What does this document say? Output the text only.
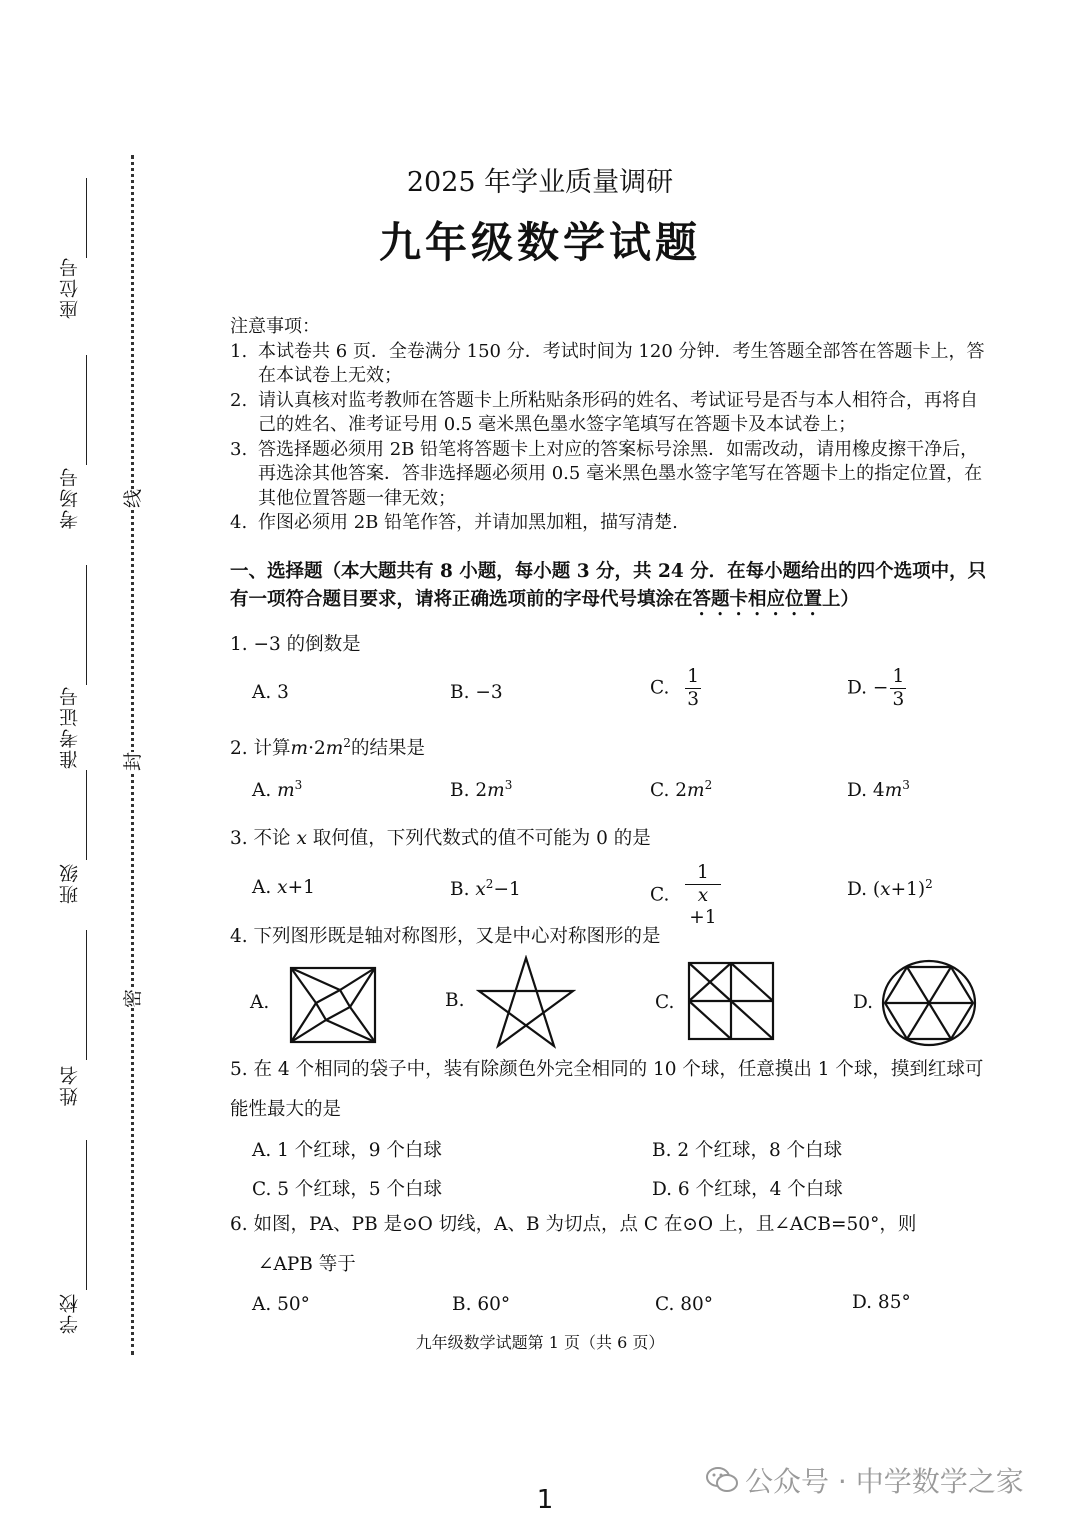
座位号
考场号
准考证号
班级
姓名
学校
线
封
密
2025 年学业质量调研
九年级数学试题
注意事项：
1. 本试卷共 6 页．全卷满分 150 分．考试时间为 120 分钟．考生答题全部答在答题卡上，答在本试卷上无效；
2. 请认真核对监考教师在答题卡上所粘贴条形码的姓名、考试证号是否与本人相符合，再将自己的姓名、准考证号用 0.5 毫米黑色墨水签字笔填写在答题卡及本试卷上；
3. 答选择题必须用 2B 铅笔将答题卡上对应的答案标号涂黑．如需改动，请用橡皮擦干净后，再选涂其他答案．答非选择题必须用 0.5 毫米黑色墨水签字笔写在答题卡上的指定位置，在其他位置答题一律无效；
4. 作图必须用 2B 铅笔作答，并请加黑加粗，描写清楚.
一、选择题（本大题共有 8 小题，每小题 3 分，共 24 分．在每小题给出的四个选项中，只有一项符合题目要求，请将正确选项前的字母代号填涂在答题卡相应位置上）
1. −3 的倒数是
A. 3	B. −3	C. $\frac{1}{3}$	D. − $\frac{1}{3}$
2. 计算$m\cdot 2m^2$的结果是
A. $m^3$	B. $2m^3$	C. $2m^2$	D. $4m^3$
3. 不论 x 取何值，下列代数式的值不可能为 0 的是
A. x+1	B. $x^2-1$	C. 1
x
+1	D. $(x+1)^2$
4. 下列图形既是轴对称图形，又是中心对称图形的是
A.	B.	C.	D.
5. 在 4 个相同的袋子中，装有除颜色外完全相同的 10 个球，任意摸出 1 个球，摸到红球可能性最大的是
A. 1 个红球，9 个白球	B. 2 个红球，8 个白球
C. 5 个红球，5 个白球	D. 6 个红球，4 个白球
6. 如图，PA、PB 是⊙O 切线，A、B 为切点，点 C 在⊙O 上，且∠ACB=50°，则
∠APB 等于
A. 50°	B. 60°	C. 80°	D. 85°
九年级数学试题第 1 页（共 6 页）
1
公众号 · 中学数学之家
